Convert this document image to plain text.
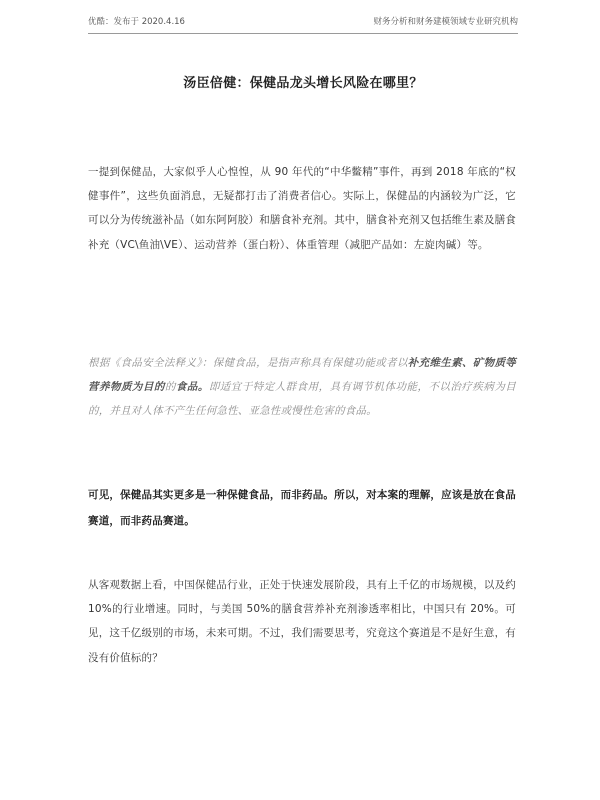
优酷：发布于 2020.4.16	财务分析和财务建模领域专业研究机构
汤臣倍健：保健品龙头增长风险在哪里？

一提到保健品，大家似乎人心惶惶，从 90 年代的“中华鳖精”事件，再到 2018 年底的“权健事件”，这些负面消息，无疑都打击了消费者信心。实际上，保健品的内涵较为广泛，它可以分为传统滋补品（如东阿阿胶）和膳食补充剂。其中，膳食补充剂又包括维生素及膳食补充（VC\鱼油\VE）、运动营养（蛋白粉）、体重管理（减肥产品如：左旋肉碱）等。

根据《食品安全法释义》：保健食品，是指声称具有保健功能或者以补充维生素、矿物质等营养物质为目的的食品。即适宜于特定人群食用，具有调节机体功能，不以治疗疾病为目的，并且对人体不产生任何急性、亚急性或慢性危害的食品。

可见，保健品其实更多是一种保健食品，而非药品。所以，对本案的理解，应该是放在食品赛道，而非药品赛道。

从客观数据上看，中国保健品行业，正处于快速发展阶段，具有上千亿的市场规模，以及约 10%的行业增速。同时，与美国 50%的膳食营养补充剂渗透率相比，中国只有 20%。可见，这千亿级别的市场，未来可期。不过，我们需要思考，究竟这个赛道是不是好生意，有没有价值标的？
